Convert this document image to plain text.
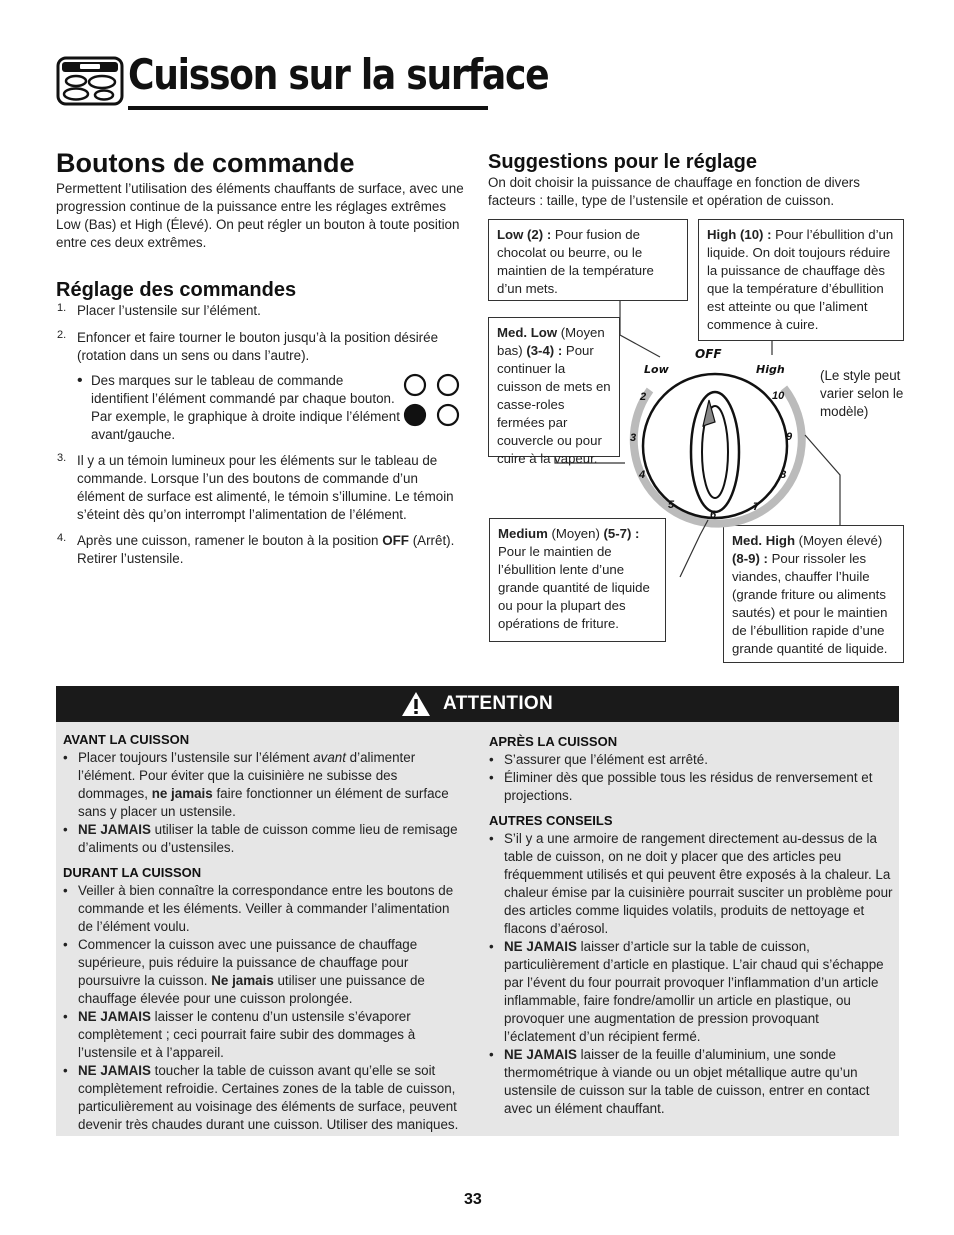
Cuisson sur la surface
Boutons de commande

Permettent l’utilisation des éléments chauffants de surface, avec une progression continue de la puissance entre les réglages extrêmes Low (Bas) et High (Élevé). On peut régler un bouton à toute position entre ces deux extrêmes.

Réglage des commandes
1. Placer l’ustensile sur l’élément.
2. Enfoncer et faire tourner le bouton jusqu’à la position désirée (rotation dans un sens ou dans l’autre).
• Des marques sur le tableau de commande identifient l’élément commandé par chaque bouton. Par exemple, le graphique à droite indique l’élément avant/gauche.
3. Il y a un témoin lumineux pour les éléments sur le tableau de commande. Lorsque l’un des boutons de commande d’un élément de surface est alimenté, le témoin s’illumine. Le témoin s’éteint dès qu’on interrompt l’alimentation de l’élément.
4. Après une cuisson, ramener le bouton à la position OFF (Arrêt). Retirer l’ustensile.
Suggestions pour le réglage

On doit choisir la puissance de chauffage en fonction de divers facteurs : taille, type de l’ustensile et opération de cuisson.

Low (2) : Pour fusion de chocolat ou beurre, ou le maintien de la température d’un mets.
High (10) : Pour l’ébullition d’un liquide. On doit toujours réduire la puissance de chauffage dès que la température d’ébullition est atteinte ou que l’aliment commence à cuire.
Med. Low (Moyen bas) (3-4) : Pour continuer la cuisson de mets en casse-roles fermées par couvercle ou pour cuire à la vapeur.
Medium (Moyen) (5-7) : Pour le maintien de l’ébullition lente d’une grande quantité de liquide ou pour la plupart des opérations de friture.
Med. High (Moyen élevé) (8-9) : Pour rissoler les viandes, chauffer l’huile (grande friture ou aliments sautés) et pour le maintien de l’ébullition rapide d’une grande quantité de liquide.

(Le style peut varier selon le modèle)

OFF
Low	High
2
3
4
5
6
7
8
9
10
ATTENTION
AVANT LA CUISSON
• Placer toujours l’ustensile sur l’élément avant d’alimenter l’élément. Pour éviter que la cuisinière ne subisse des dommages, ne jamais faire fonctionner un élément de surface sans y placer un ustensile.
• NE JAMAIS utiliser la table de cuisson comme lieu de remisage d’aliments ou d’ustensiles.
DURANT LA CUISSON
• Veiller à bien connaître la correspondance entre les boutons de commande et les éléments. Veiller à commander l’alimentation de l’élément voulu.
• Commencer la cuisson avec une puissance de chauffage supérieure, puis réduire la puissance de chauffage pour poursuivre la cuisson. Ne jamais utiliser une puissance de chauffage élevée pour une cuisson prolongée.
• NE JAMAIS laisser le contenu d’un ustensile s’évaporer complètement ; ceci pourrait faire subir des dommages à l’ustensile et à l’appareil.
• NE JAMAIS toucher la table de cuisson avant qu’elle se soit complètement refroidie. Certaines zones de la table de cuisson, particulièrement au voisinage des éléments de surface, peuvent devenir très chaudes durant une cuisson. Utiliser des maniques.
APRÈS LA CUISSON
• S’assurer que l’élément est arrêté.
• Éliminer dès que possible tous les résidus de renversement et projections.
AUTRES CONSEILS
• S’il y a une armoire de rangement directement au-dessus de la table de cuisson, on ne doit y placer que des articles peu fréquemment utilisés et qui peuvent être exposés à la chaleur. La chaleur émise par la cuisinière pourrait susciter un problème pour des articles comme liquides volatils, produits de nettoyage et flacons d’aérosol.
• NE JAMAIS laisser d’article sur la table de cuisson, particulièrement d’article en plastique. L’air chaud qui s’échappe par l’évent du four pourrait provoquer l’inflammation d’un article inflammable, faire fondre/amollir un article en plastique, ou provoquer une augmentation de pression provoquant l’éclatement d’un récipient fermé.
• NE JAMAIS laisser de la feuille d’aluminium, une sonde thermométrique à viande ou un objet métallique autre qu’un ustensile de cuisson sur la table de cuisson, entrer en contact avec un élément chauffant.
33
